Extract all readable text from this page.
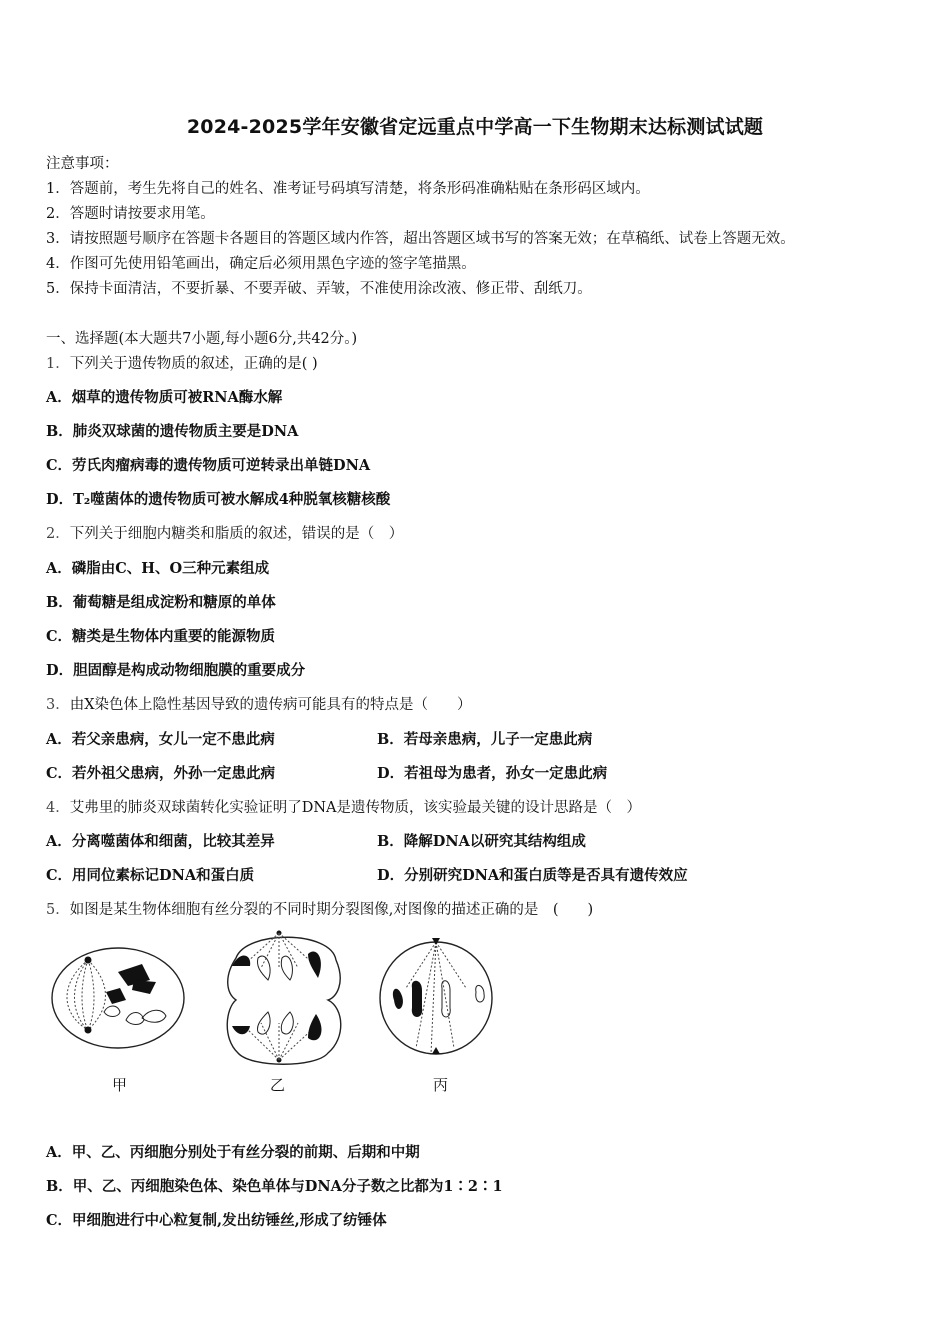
2024-2025学年安徽省定远重点中学高一下生物期末达标测试试题
注意事项：
1．答题前，考生先将自己的姓名、准考证号码填写清楚，将条形码准确粘贴在条形码区域内。
2．答题时请按要求用笔。
3．请按照题号顺序在答题卡各题目的答题区域内作答，超出答题区域书写的答案无效；在草稿纸、试卷上答题无效。
4．作图可先使用铅笔画出，确定后必须用黑色字迹的签字笔描黑。
5．保持卡面清洁，不要折暴、不要弄破、弄皱，不准使用涂改液、修正带、刮纸刀。
一、选择题(本大题共7小题,每小题6分,共42分。)
1．下列关于遗传物质的叙述，正确的是( )
A．烟草的遗传物质可被RNA酶水解
B．肺炎双球菌的遗传物质主要是DNA
C．劳氏肉瘤病毒的遗传物质可逆转录出单链DNA
D．T₂噬菌体的遗传物质可被水解成4种脱氧核糖核酸
2．下列关于细胞内糖类和脂质的叙述，错误的是（　）
A．磷脂由C、H、O三种元素组成
B．葡萄糖是组成淀粉和糖原的单体
C．糖类是生物体内重要的能源物质
D．胆固醇是构成动物细胞膜的重要成分
3．由X染色体上隐性基因导致的遗传病可能具有的特点是（　　）
A．若父亲患病，女儿一定不患此病	B．若母亲患病，儿子一定患此病
C．若外祖父患病，外孙一定患此病	D．若祖母为患者，孙女一定患此病
4．艾弗里的肺炎双球菌转化实验证明了DNA是遗传物质，该实验最关键的设计思路是（　）
A．分离噬菌体和细菌，比较其差异	B．降解DNA以研究其结构组成
C．用同位素标记DNA和蛋白质	D．分别研究DNA和蛋白质等是否具有遗传效应
5．如图是某生物体细胞有丝分裂的不同时期分裂图像,对图像的描述正确的是　(　　)
甲	乙	丙
A．甲、乙、丙细胞分别处于有丝分裂的前期、后期和中期
B．甲、乙、丙细胞染色体、染色单体与DNA分子数之比都为1∶2∶1
C．甲细胞进行中心粒复制,发出纺锤丝,形成了纺锤体
